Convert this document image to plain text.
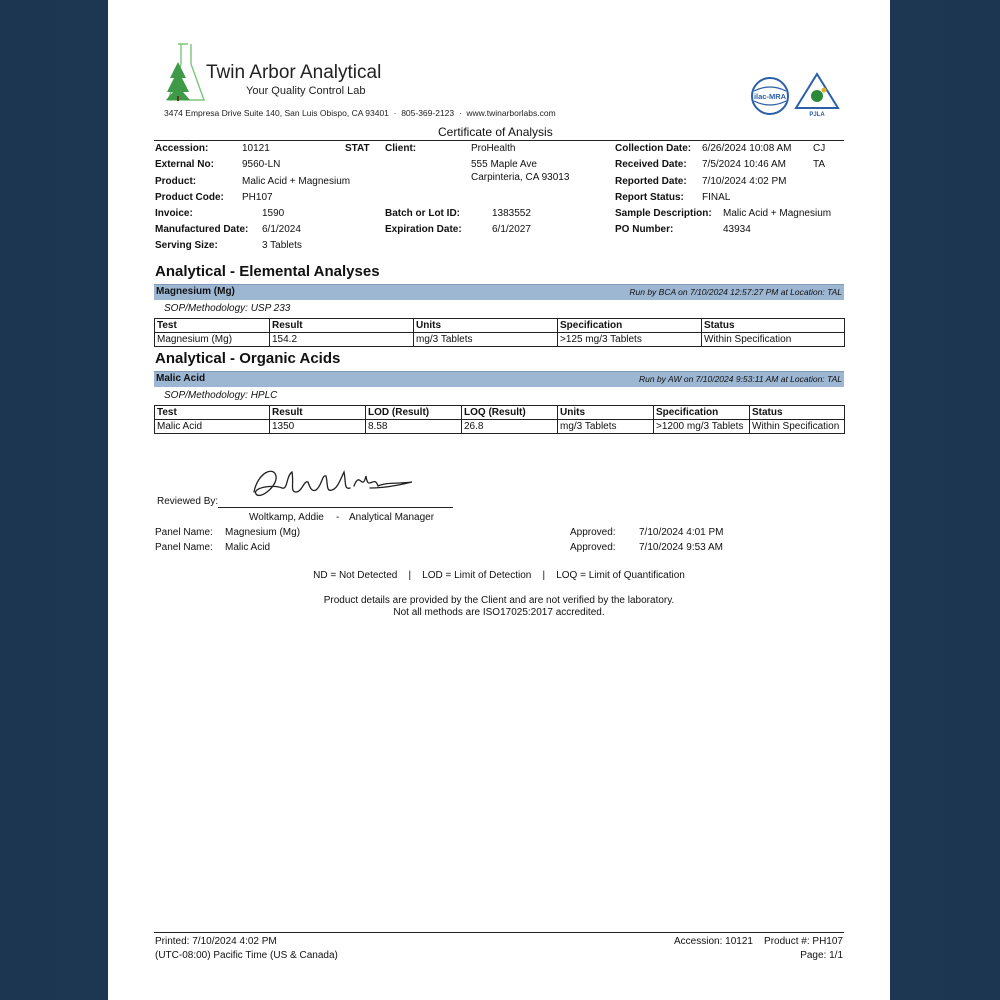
Twin Arbor Analytical
Your Quality Control Lab
3474 Empresa Drive Suite 140, San Luis Obispo, CA 93401  ·  805-369-2123  ·  www.twinarborlabs.com
ilac-MRA
PJLA
Certificate of Analysis
Accession:	10121	STAT
External No:	9560-LN
Product:	Malic Acid + Magnesium
Product Code: PH107
Invoice:	1590
Manufactured Date: 6/1/2024
Serving Size:	3 Tablets
Client:	ProHealth
555 Maple Ave
Carpinteria, CA 93013
Batch or Lot ID:	1383552
Expiration Date:	6/1/2027
Collection Date: 6/26/2024 10:08 AM CJ
Received Date: 7/5/2024 10:46 AM	TA
Reported Date: 7/10/2024 4:02 PM
Report Status: FINAL
Sample Description: Malic Acid + Magnesium
PO Number:	43934
Analytical - Elemental Analyses
Magnesium (Mg)	Run by BCA on 7/10/2024 12:57:27 PM at Location: TAL
SOP/Methodology: USP 233
Test	Result	Units	Specification	Status
Magnesium (Mg)	154.2	mg/3 Tablets	>125 mg/3 Tablets	Within Specification
Analytical - Organic Acids
Malic Acid	Run by AW on 7/10/2024 9:53:11 AM at Location: TAL
SOP/Methodology: HPLC
Test	Result	LOD (Result)	LOQ (Result)	Units	Specification	Status
Malic Acid	1350	8.58	26.8	mg/3 Tablets	>1200 mg/3 Tablets	Within Specification
Reviewed By:
Woltkamp, Addie - Analytical Manager
Panel Name: Magnesium (Mg)	Approved: 7/10/2024 4:01 PM
Panel Name: Malic Acid	Approved: 7/10/2024 9:53 AM
ND = Not Detected    |    LOD = Limit of Detection    |    LOQ = Limit of Quantification
Product details are provided by the Client and are not verified by the laboratory.
Not all methods are ISO17025:2017 accredited.
Printed: 7/10/2024 4:02 PM
(UTC-08:00) Pacific Time (US & Canada)
Accession: 10121    Product #: PH107
Page: 1/1
